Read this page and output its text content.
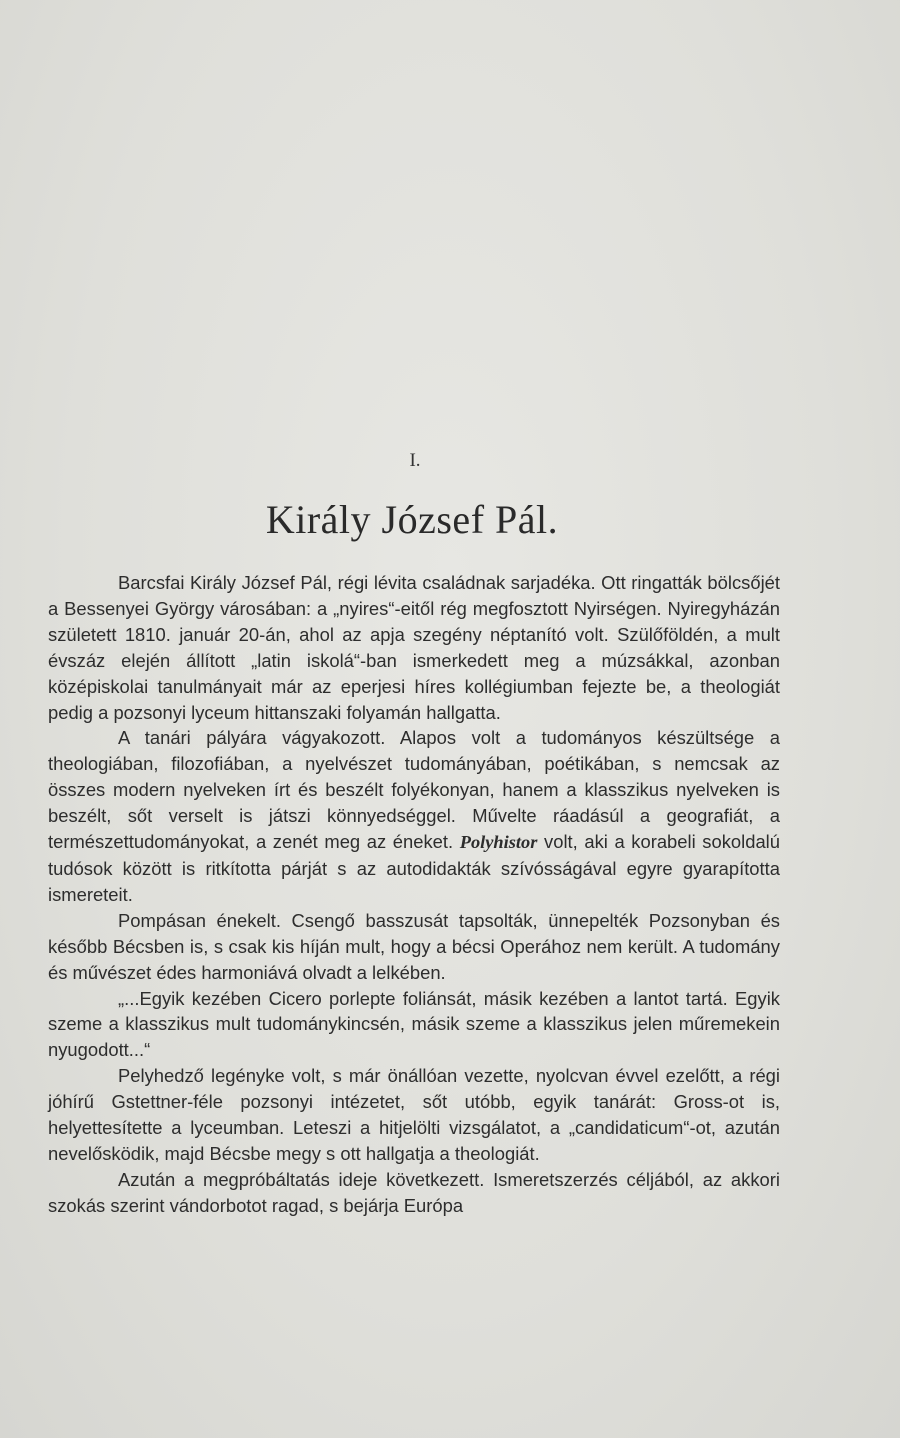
I.
Király József Pál.

Barcsfai Király József Pál, régi lévita családnak sarjadéka. Ott ringatták bölcsőjét a Bessenyei György városában: a „nyires“-eitől rég megfosztott Nyirségen. Nyiregyházán született 1810. január 20-án, ahol az apja szegény néptanító volt. Szülőföldén, a mult évszáz elején állított „latin iskolá“-ban ismerkedett meg a múzsákkal, azonban középiskolai tanulmányait már az eperjesi híres kollégiumban fejezte be, a theologiát pedig a pozsonyi lyceum hittanszaki folyamán hallgatta.

A tanári pályára vágyakozott. Alapos volt a tudományos készültsége a theologiában, filozofiában, a nyelvészet tudományában, poétikában, s nemcsak az összes modern nyelveken írt és beszélt folyékonyan, hanem a klasszikus nyelveken is beszélt, sőt verselt is játszi könnyedséggel. Művelte ráadásúl a geografiát, a természettudományokat, a zenét meg az éneket. Polyhistor volt, aki a korabeli sokoldalú tudósok között is ritkította párját s az autodidakták szívósságával egyre gyarapította ismereteit.

Pompásan énekelt. Csengő basszusát tapsolták, ünnepelték Pozsonyban és később Bécsben is, s csak kis híján mult, hogy a bécsi Operához nem került. A tudomány és művészet édes harmoniává olvadt a lelkében.

„...Egyik kezében Cicero porlepte foliánsát, másik kezében a lantot tartá. Egyik szeme a klasszikus mult tudománykincsén, másik szeme a klasszikus jelen műremekein nyugodott...“

Pelyhedző legényke volt, s már önállóan vezette, nyolcvan évvel ezelőtt, a régi jóhírű Gstettner-féle pozsonyi intézetet, sőt utóbb, egyik tanárát: Gross-ot is, helyettesítette a lyceumban. Leteszi a hitjelölti vizsgálatot, a „candidaticum“-ot, azután nevelősködik, majd Bécsbe megy s ott hallgatja a theologiát.

Azután a megpróbáltatás ideje következett. Ismeretszerzés céljából, az akkori szokás szerint vándorbotot ragad, s bejárja Európa
